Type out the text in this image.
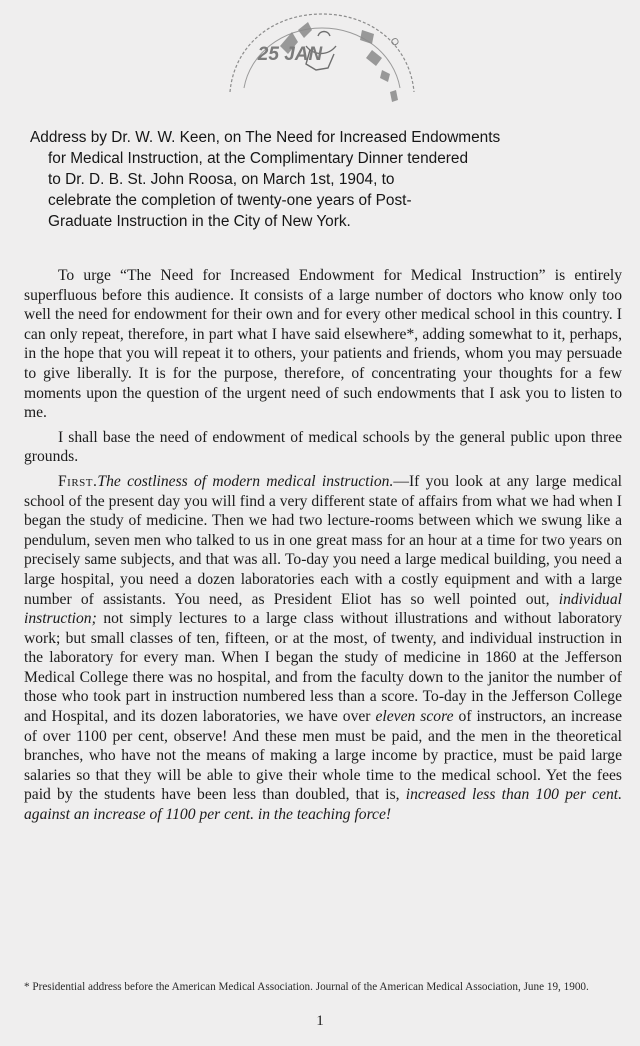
O
25 JAN

Address by Dr. W. W. Keen, on The Need for Increased Endowments

for Medical Instruction, at the Complimentary Dinner tendered

to Dr. D. B. St. John Roosa, on March 1st, 1904, to

celebrate the completion of twenty-one years of Post-

Graduate Instruction in the City of New York.

To urge “The Need for Increased Endowment for Medical Instruction” is entirely superfluous before this audience. It consists of a large number of doctors who know only too well the need for endowment for their own and for every other medical school in this country. I can only repeat, therefore, in part what I have said elsewhere*, adding somewhat to it, perhaps, in the hope that you will repeat it to others, your patients and friends, whom you may persuade to give liberally. It is for the purpose, therefore, of concentrating your thoughts for a few moments upon the question of the urgent need of such endowments that I ask you to listen to me.

I shall base the need of endowment of medical schools by the general public upon three grounds.

First.The costliness of modern medical instruction.—If you look at any large medical school of the present day you will find a very different state of affairs from what we had when I began the study of medicine. Then we had two lecture-rooms between which we swung like a pendulum, seven men who talked to us in one great mass for an hour at a time for two years on precisely same subjects, and that was all. To-day you need a large medical building, you need a large hospital, you need a dozen laboratories each with a costly equipment and with a large number of assistants. You need, as President Eliot has so well pointed out, individual instruction; not simply lectures to a large class without illustrations and without laboratory work; but small classes of ten, fifteen, or at the most, of twenty, and individual instruction in the laboratory for every man. When I began the study of medicine in 1860 at the Jefferson Medical College there was no hospital, and from the faculty down to the janitor the number of those who took part in instruction numbered less than a score. To-day in the Jefferson College and Hospital, and its dozen laboratories, we have over eleven score of instructors, an increase of over 1100 per cent, observe! And these men must be paid, and the men in the theoretical branches, who have not the means of making a large income by practice, must be paid large salaries so that they will be able to give their whole time to the medical school. Yet the fees paid by the students have been less than doubled, that is, increased less than 100 per cent. against an increase of 1100 per cent. in the teaching force!

* Presidential address before the American Medical Association. Journal of the American Medical Association, June 19, 1900.
1
